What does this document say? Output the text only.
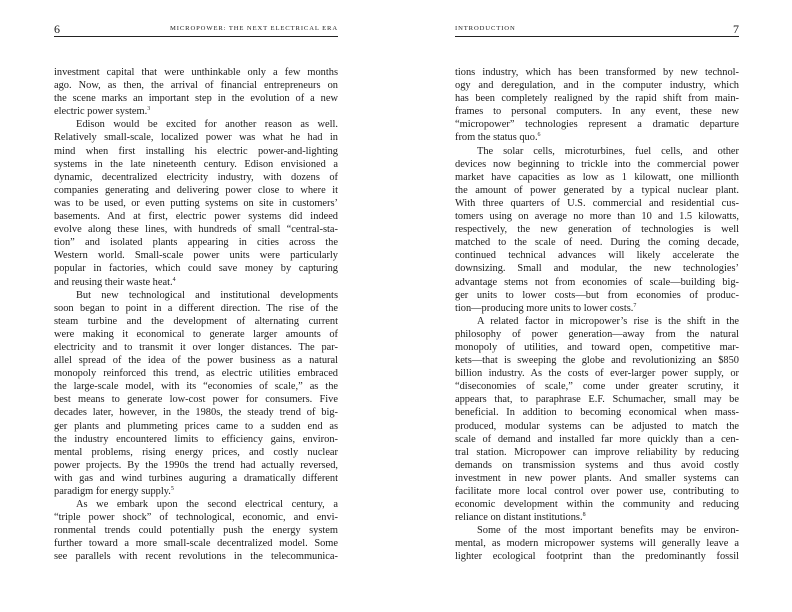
6	MICROPOWER: THE NEXT ELECTRICAL ERA
investment capital that were unthinkable only a few months
ago. Now, as then, the arrival of financial entrepreneurs on
the scene marks an important step in the evolution of a new
electric power system.$^3$
Edison would be excited for another reason as well.
Relatively small-scale, localized power was what he had in
mind when first installing his electric power-and-lighting
systems in the late nineteenth century. Edison envisioned a
dynamic, decentralized electricity industry, with dozens of
companies generating and delivering power close to where it
was to be used, or even putting systems on site in customers’
basements. And at first, electric power systems did indeed
evolve along these lines, with hundreds of small “central-sta-
tion” and isolated plants appearing in cities across the
Western world. Small-scale power units were particularly
popular in factories, which could save money by capturing
and reusing their waste heat.$^4$
But new technological and institutional developments
soon began to point in a different direction. The rise of the
steam turbine and the development of alternating current
were making it economical to generate larger amounts of
electricity and to transmit it over longer distances. The par-
allel spread of the idea of the power business as a natural
monopoly reinforced this trend, as electric utilities embraced
the large-scale model, with its “economies of scale,” as the
best means to generate low-cost power for consumers. Five
decades later, however, in the 1980s, the steady trend of big-
ger plants and plummeting prices came to a sudden end as
the industry encountered limits to efficiency gains, environ-
mental problems, rising energy prices, and costly nuclear
power projects. By the 1990s the trend had actually reversed,
with gas and wind turbines auguring a dramatically different
paradigm for energy supply.$^5$
As we embark upon the second electrical century, a
“triple power shock” of technological, economic, and envi-
ronmental trends could potentially push the energy system
further toward a more small-scale decentralized model. Some
see parallels with recent revolutions in the telecommunica-
7
INTRODUCTION
tions industry, which has been transformed by new technol-
ogy and deregulation, and in the computer industry, which
has been completely realigned by the rapid shift from main-
frames to personal computers. In any event, these new
“micropower” technologies represent a dramatic departure
from the status quo.$^6$
The solar cells, microturbines, fuel cells, and other
devices now beginning to trickle into the commercial power
market have capacities as low as 1 kilowatt, one millionth
the amount of power generated by a typical nuclear plant.
With three quarters of U.S. commercial and residential cus-
tomers using on average no more than 10 and 1.5 kilowatts,
respectively, the new generation of technologies is well
matched to the scale of need. During the coming decade,
continued technical advances will likely accelerate the
downsizing. Small and modular, the new technologies’
advantage stems not from economies of scale—building big-
ger units to lower costs—but from economies of produc-
tion—producing more units to lower costs.$^7$
A related factor in micropower’s rise is the shift in the
philosophy of power generation—away from the natural
monopoly of utilities, and toward open, competitive mar-
kets—that is sweeping the globe and revolutionizing an $850
billion industry. As the costs of ever-larger power supply, or
“diseconomies of scale,” come under greater scrutiny, it
appears that, to paraphrase E.F. Schumacher, small may be
beneficial. In addition to becoming economical when mass-
produced, modular systems can be adjusted to match the
scale of demand and installed far more quickly than a cen-
tral station. Micropower can improve reliability by reducing
demands on transmission systems and thus avoid costly
investment in new power plants. And smaller systems can
facilitate more local control over power use, contributing to
economic development within the community and reducing
reliance on distant institutions.$^8$
Some of the most important benefits may be environ-
mental, as modern micropower systems will generally leave a
lighter ecological footprint than the predominantly fossil
